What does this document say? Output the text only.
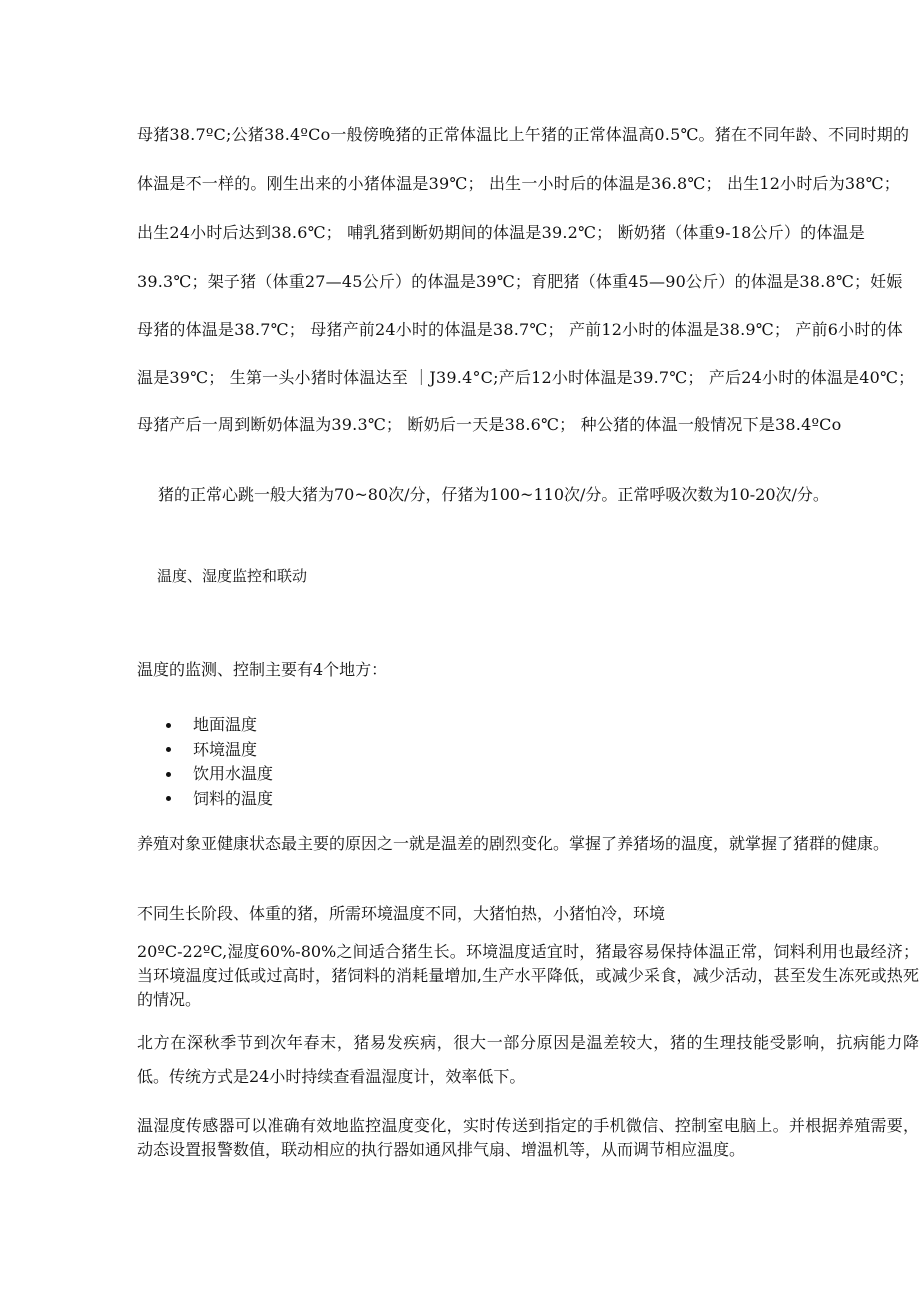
母猪38.7ºC;公猪38.4ºCo一般傍晚猪的正常体温比上午猪的正常体温高0.5℃。猪在不同年龄、不同时期的
体温是不一样的。刚生出来的小猪体温是39℃； 出生一小时后的体温是36.8℃； 出生12小时后为38℃；
出生24小时后达到38.6℃； 哺乳猪到断奶期间的体温是39.2℃； 断奶猪（体重9-18公斤）的体温是
39.3℃；架子猪（体重27—45公斤）的体温是39℃；育肥猪（体重45—90公斤）的体温是38.8℃；妊娠
母猪的体温是38.7℃； 母猪产前24小时的体温是38.7℃； 产前12小时的体温是38.9℃； 产前6小时的体
温是39℃； 生第一头小猪时体温达至 ｜J39.4°C;产后12小时体温是39.7℃； 产后24小时的体温是40℃；
母猪产后一周到断奶体温为39.3℃； 断奶后一天是38.6℃； 种公猪的体温一般情况下是38.4ºCo
猪的正常心跳一般大猪为70~80次/分，仔猪为100~110次/分。正常呼吸次数为10-20次/分。
温度、湿度监控和联动
温度的监测、控制主要有4个地方：
地面温度
环境温度
饮用水温度
饲料的温度
养殖对象亚健康状态最主要的原因之一就是温差的剧烈变化。掌握了养猪场的温度，就掌握了猪群的健康。
不同生长阶段、体重的猪，所需环境温度不同，大猪怕热，小猪怕冷，环境
20ºC-22ºC,湿度60%-80%之间适合猪生长。环境温度适宜时，猪最容易保持体温正常，饲料利用也最经济；当环境温度过低或过高时，猪饲料的消耗量增加,生产水平降低，或减少采食，减少活动，甚至发生冻死或热死的情况。
北方在深秋季节到次年春末，猪易发疾病，很大一部分原因是温差较大，猪的生理技能受影响，抗病能力降低。传统方式是24小时持续查看温湿度计，效率低下。
温湿度传感器可以准确有效地监控温度变化，实时传送到指定的手机微信、控制室电脑上。并根据养殖需要，动态设置报警数值，联动相应的执行器如通风排气扇、增温机等，从而调节相应温度。
